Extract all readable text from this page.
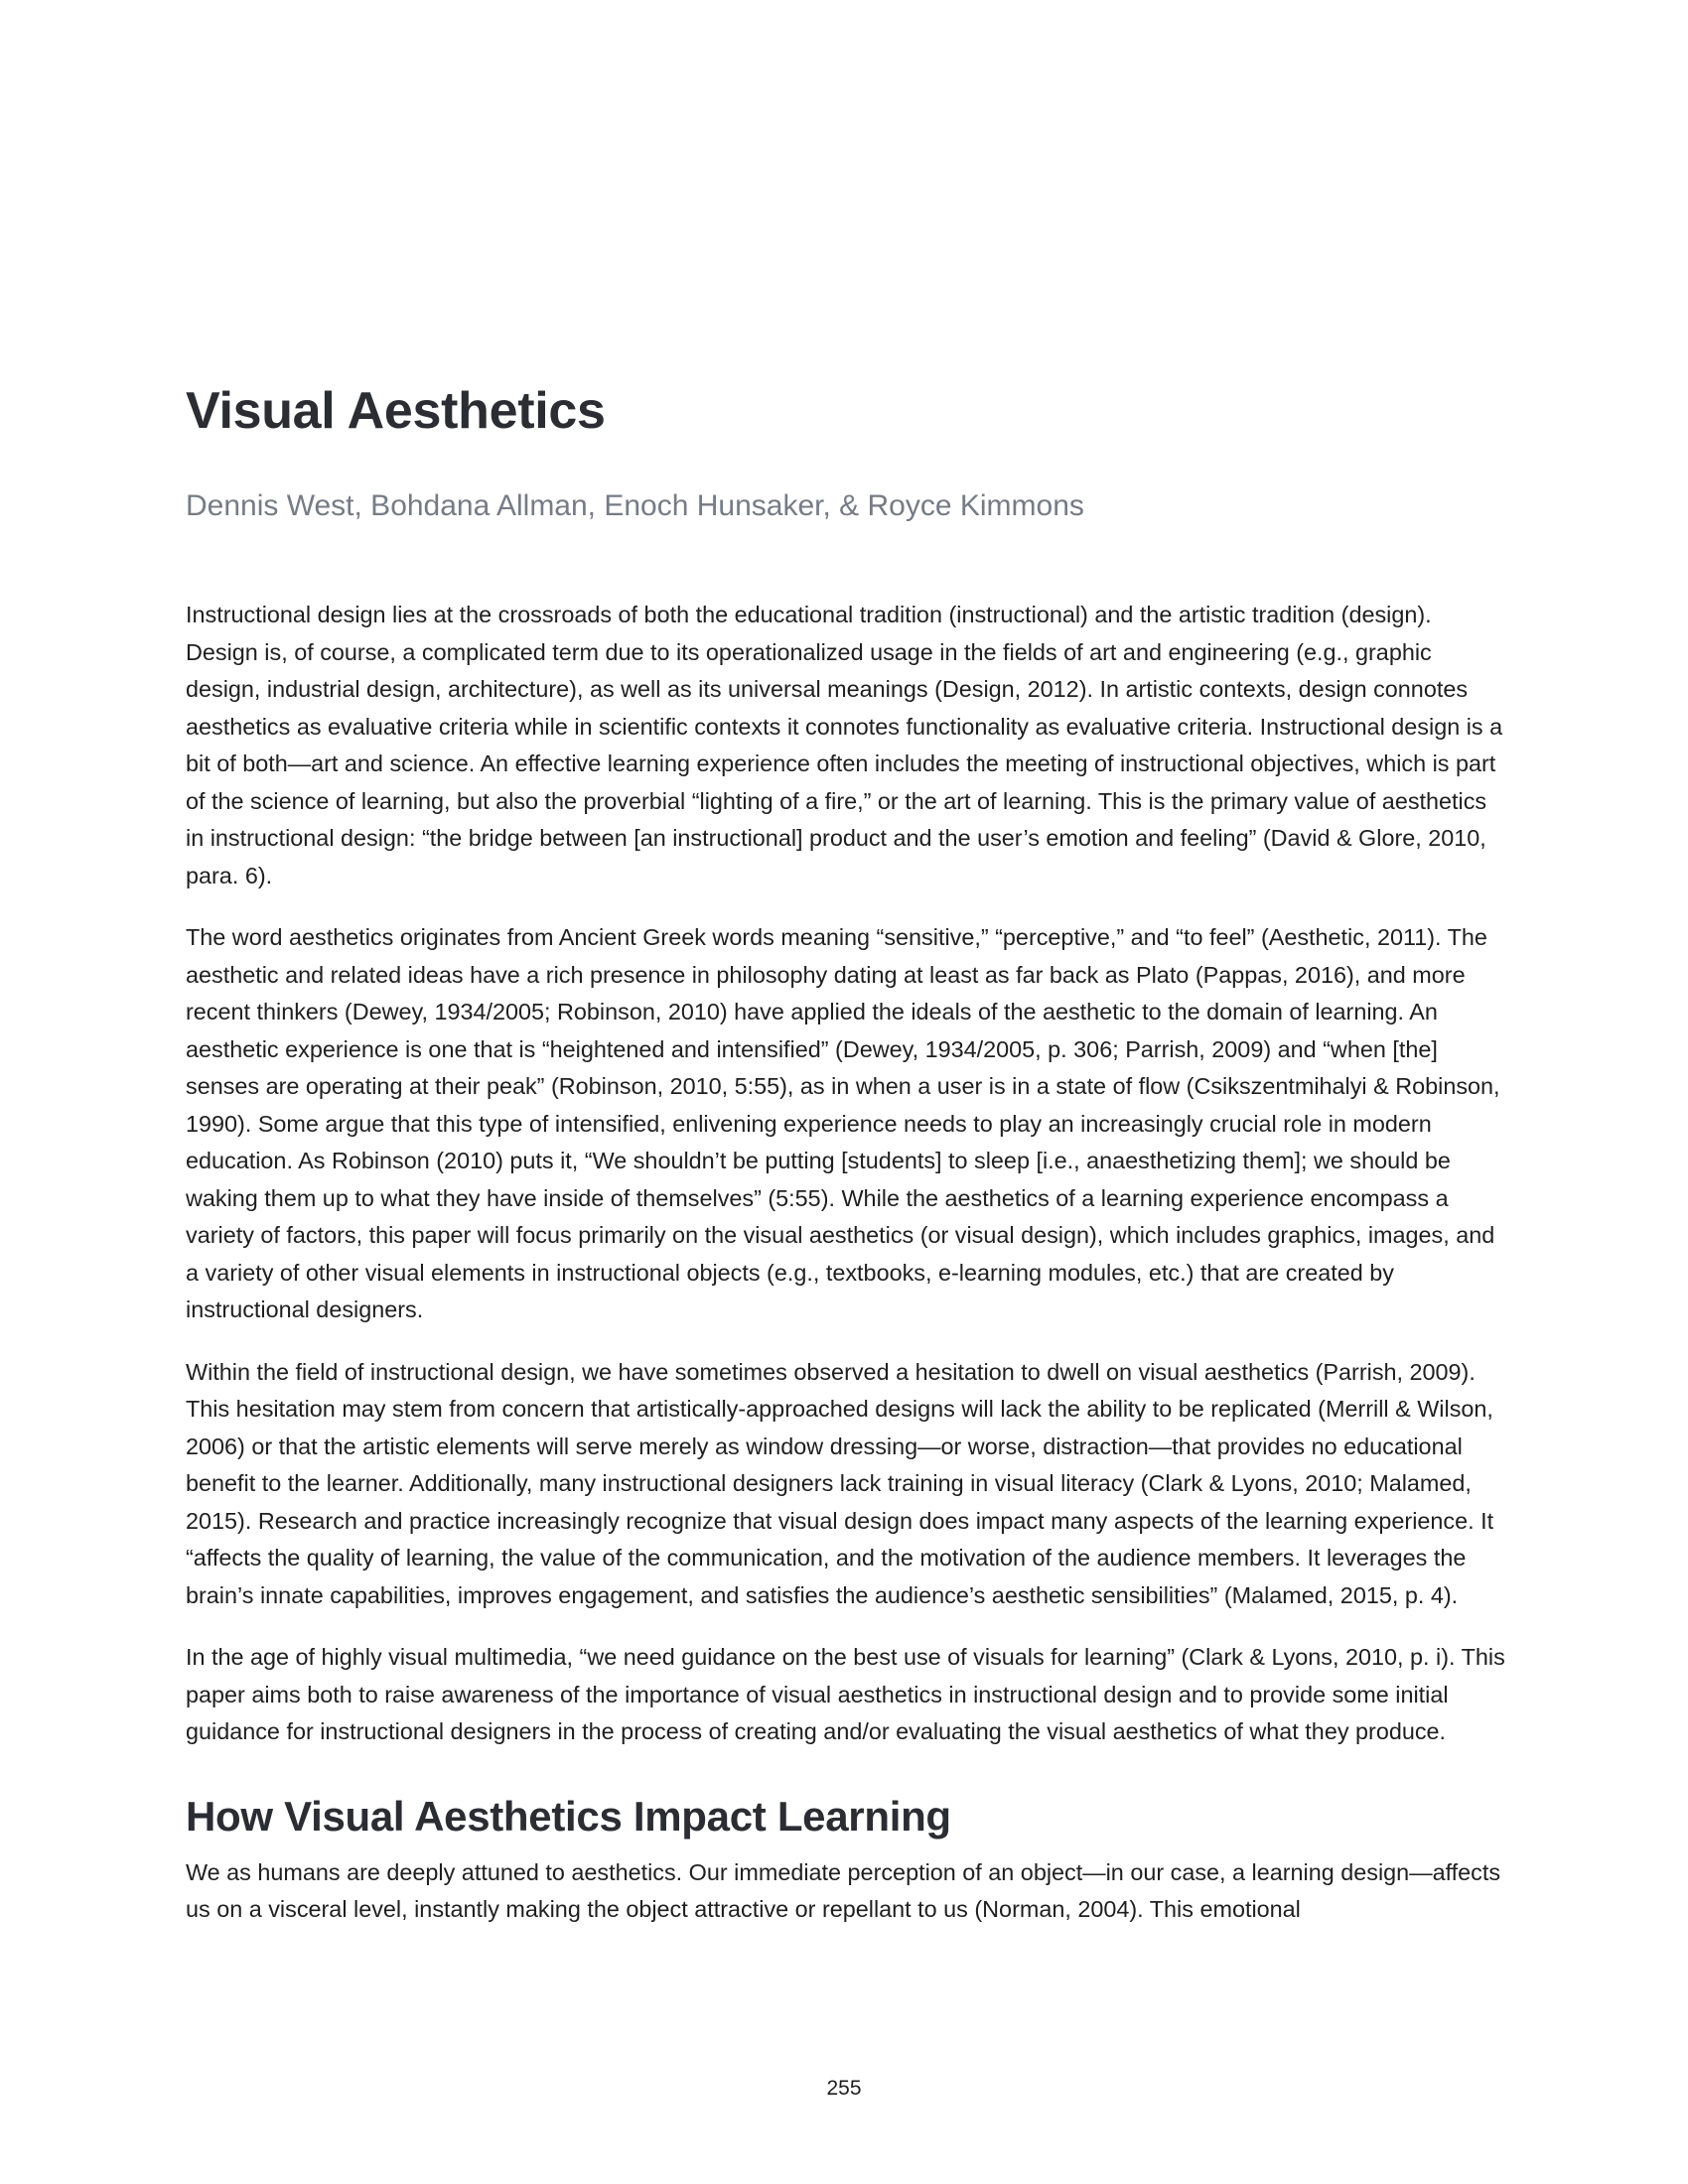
Visual Aesthetics
Dennis West, Bohdana Allman, Enoch Hunsaker, & Royce Kimmons

Instructional design lies at the crossroads of both the educational tradition (instructional) and the artistic tradition (design). Design is, of course, a complicated term due to its operationalized usage in the fields of art and engineering (e.g., graphic design, industrial design, architecture), as well as its universal meanings (Design, 2012). In artistic contexts, design connotes aesthetics as evaluative criteria while in scientific contexts it connotes functionality as evaluative criteria. Instructional design is a bit of both—art and science. An effective learning experience often includes the meeting of instructional objectives, which is part of the science of learning, but also the proverbial “lighting of a fire,” or the art of learning. This is the primary value of aesthetics in instructional design: “the bridge between [an instructional] product and the user’s emotion and feeling” (David & Glore, 2010, para. 6).

The word aesthetics originates from Ancient Greek words meaning “sensitive,” “perceptive,” and “to feel” (Aesthetic, 2011). The aesthetic and related ideas have a rich presence in philosophy dating at least as far back as Plato (Pappas, 2016), and more recent thinkers (Dewey, 1934/2005; Robinson, 2010) have applied the ideals of the aesthetic to the domain of learning. An aesthetic experience is one that is “heightened and intensified” (Dewey, 1934/2005, p. 306; Parrish, 2009) and “when [the] senses are operating at their peak” (Robinson, 2010, 5:55), as in when a user is in a state of flow (Csikszentmihalyi & Robinson, 1990). Some argue that this type of intensified, enlivening experience needs to play an increasingly crucial role in modern education. As Robinson (2010) puts it, “We shouldn’t be putting [students] to sleep [i.e., anaesthetizing them]; we should be waking them up to what they have inside of themselves” (5:55). While the aesthetics of a learning experience encompass a variety of factors, this paper will focus primarily on the visual aesthetics (or visual design), which includes graphics, images, and a variety of other visual elements in instructional objects (e.g., textbooks, e-learning modules, etc.) that are created by instructional designers.

Within the field of instructional design, we have sometimes observed a hesitation to dwell on visual aesthetics (Parrish, 2009). This hesitation may stem from concern that artistically-approached designs will lack the ability to be replicated (Merrill & Wilson, 2006) or that the artistic elements will serve merely as window dressing—or worse, distraction—that provides no educational benefit to the learner. Additionally, many instructional designers lack training in visual literacy (Clark & Lyons, 2010; Malamed, 2015). Research and practice increasingly recognize that visual design does impact many aspects of the learning experience. It “affects the quality of learning, the value of the communication, and the motivation of the audience members. It leverages the brain’s innate capabilities, improves engagement, and satisfies the audience’s aesthetic sensibilities” (Malamed, 2015, p. 4).

In the age of highly visual multimedia, “we need guidance on the best use of visuals for learning” (Clark & Lyons, 2010, p. i). This paper aims both to raise awareness of the importance of visual aesthetics in instructional design and to provide some initial guidance for instructional designers in the process of creating and/or evaluating the visual aesthetics of what they produce.

How Visual Aesthetics Impact Learning

We as humans are deeply attuned to aesthetics. Our immediate perception of an object—in our case, a learning design—affects us on a visceral level, instantly making the object attractive or repellant to us (Norman, 2004). This emotional

255
